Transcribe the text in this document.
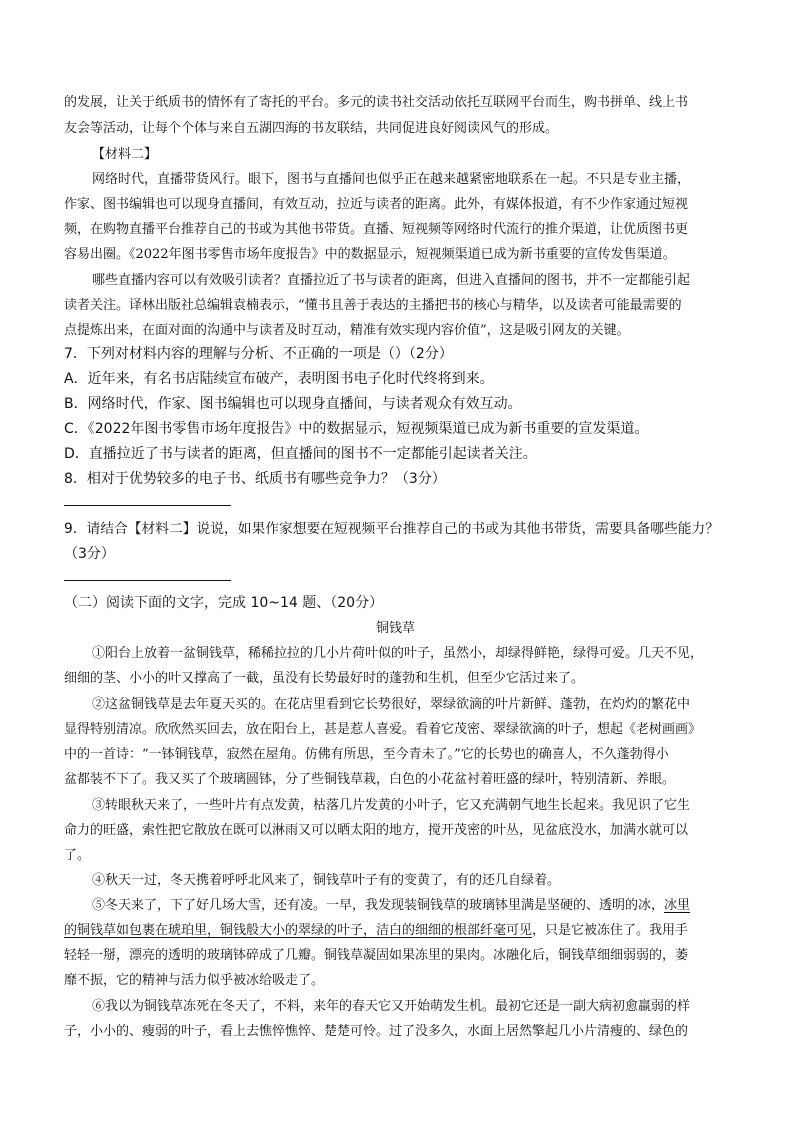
的发展，让关于纸质书的情怀有了寄托的平台。多元的读书社交活动依托互联网平台而生，购书拼单、线上书

友会等活动，让每个个体与来自五湖四海的书友联结，共同促进良好阅读风气的形成。

【材料二】

网络时代，直播带货风行。眼下，图书与直播间也似乎正在越来越紧密地联系在一起。不只是专业主播，

作家、图书编辑也可以现身直播间，有效互动，拉近与读者的距离。此外，有媒体报道，有不少作家通过短视

频，在购物直播平台推荐自己的书或为其他书带货。直播、短视频等网络时代流行的推介渠道，让优质图书更

容易出圈。《2022年图书零售市场年度报告》中的数据显示，短视频渠道已成为新书重要的宣传发售渠道。

哪些直播内容可以有效吸引读者？直播拉近了书与读者的距离，但进入直播间的图书，并不一定都能引起

读者关注。译林出版社总编辑袁楠表示，“懂书且善于表达的主播把书的核心与精华，以及读者可能最需要的

点提炼出来，在面对面的沟通中与读者及时互动，精准有效实现内容价值”，这是吸引网友的关键。

7．下列对材料内容的理解与分析、不正确的一项是（）（2分）

A．近年来，有名书店陆续宣布破产，表明图书电子化时代终将到来。

B．网络时代，作家、图书编辑也可以现身直播间，与读者观众有效互动。

C．《2022年图书零售市场年度报告》中的数据显示，短视频渠道已成为新书重要的宣发渠道。

D．直播拉近了书与读者的距离，但直播间的图书不一定都能引起读者关注。

8．相对于优势较多的电子书、纸质书有哪些竞争力？（3分）

9．请结合【材料二】说说，如果作家想要在短视频平台推荐自己的书或为其他书带货，需要具备哪些能力？

（3分）

（二）阅读下面的文字，完成 10~14 题、（20分）

铜钱草

①阳台上放着一盆铜钱草，稀稀拉拉的几小片荷叶似的叶子，虽然小，却绿得鲜艳，绿得可爱。几天不见，

细细的茎、小小的叶又撑高了一截，虽没有长势最好时的蓬勃和生机，但至少它活过来了。

②这盆铜钱草是去年夏天买的。在花店里看到它长势很好，翠绿欲滴的叶片新鲜、蓬勃，在灼灼的繁花中

显得特别清凉。欣欣然买回去，放在阳台上，甚是惹人喜爱。看着它茂密、翠绿欲滴的叶子，想起《老树画画》

中的一首诗：“一钵铜钱草，寂然在屋角。仿佛有所思，至今青未了。”它的长势也的确喜人，不久蓬勃得小

盆都装不下了。我又买了个玻璃圆钵，分了些铜钱草栽，白色的小花盆衬着旺盛的绿叶，特别清新、养眼。

③转眼秋天来了，一些叶片有点发黄，枯落几片发黄的小叶子，它又充满朝气地生长起来。我见识了它生

命力的旺盛，索性把它散放在既可以淋雨又可以晒太阳的地方，搅开茂密的叶丛，见盆底没水，加满水就可以

了。

④秋天一过，冬天携着呼呼北风来了，铜钱草叶子有的变黄了，有的还几自绿着。

⑤冬天来了，下了好几场大雪，还有凌。一早，我发现装铜钱草的玻璃钵里满是坚硬的、透明的冰，冰里

的铜钱草如包裹在琥珀里，铜钱般大小的翠绿的叶子，洁白的细细的根部纤毫可见，只是它被冻住了。我用手

轻轻一掰，漂亮的透明的玻璃钵碎成了几瓣。铜钱草凝固如果冻里的果肉。冰融化后，铜钱草细细弱弱的，萎

靡不振，它的精神与活力似乎被冰给吸走了。

⑥我以为铜钱草冻死在冬天了，不料，来年的春天它又开始萌发生机。最初它还是一副大病初愈羸弱的样

子，小小的、瘦弱的叶子，看上去憔悴憔悴、楚楚可怜。过了没多久，水面上居然擎起几小片清瘦的、绿色的
